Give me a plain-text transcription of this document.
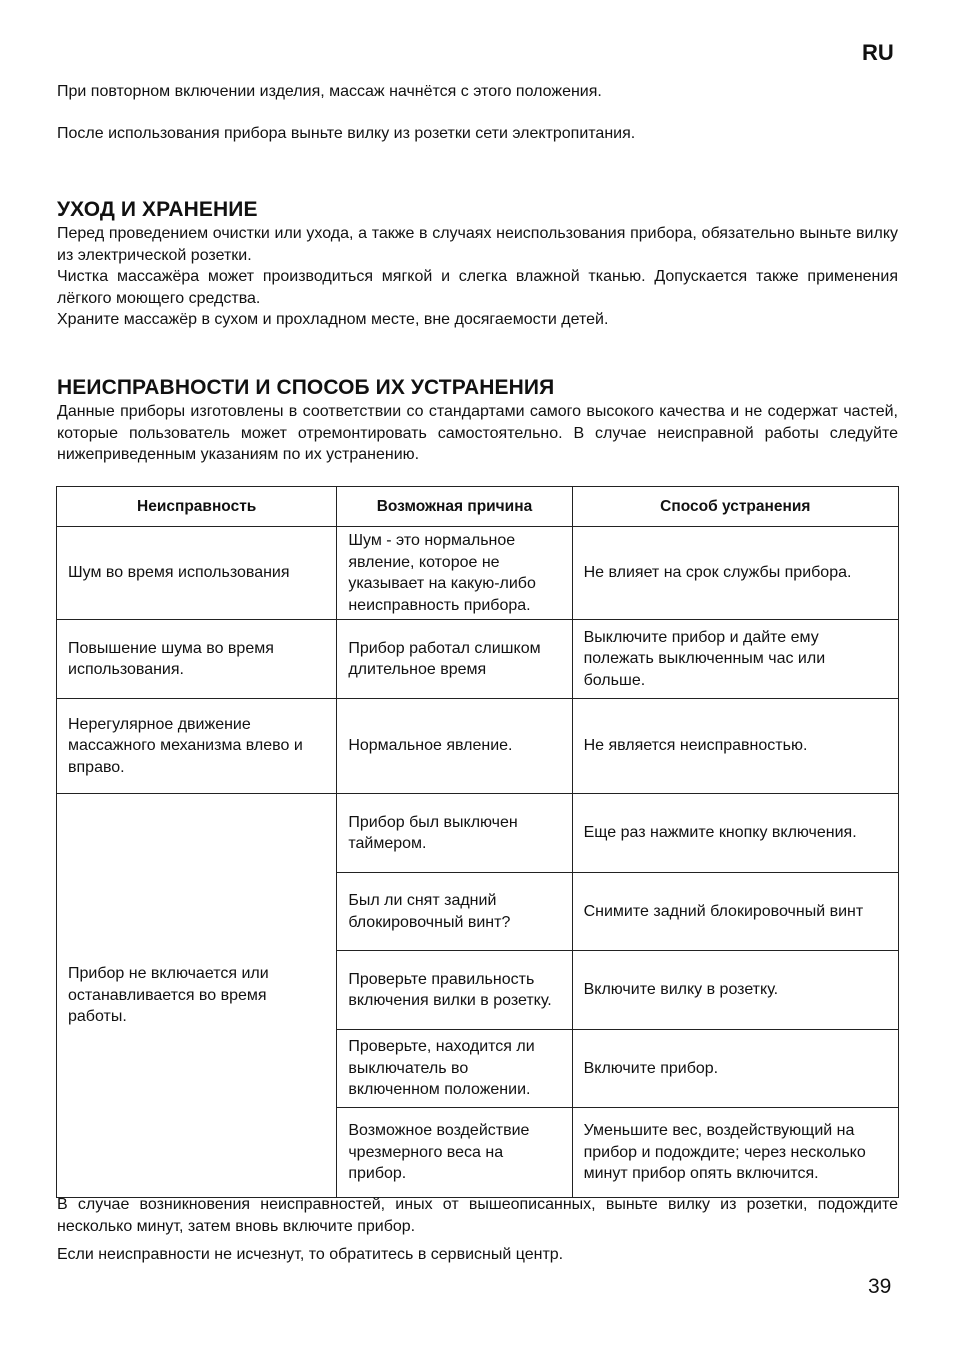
RU

При повторном включении изделия, массаж начнётся с этого положения.

После использования прибора выньте вилку из розетки сети электропитания.

УХОД И ХРАНЕНИЕ

Перед проведением очистки или ухода, а также в случаях неиспользования прибора, обязательно выньте вилку из электрической розетки.

Чистка массажёра может производиться мягкой и слегка влажной тканью. Допускается также применения лёгкого моющего средства.

Храните массажёр в сухом и прохладном месте, вне досягаемости детей.

НЕИСПРАВНОСТИ И СПОСОБ ИХ УСТРАНЕНИЯ

Данные приборы изготовлены в соответствии со стандартами самого высокого качества и не содержат частей, которые пользователь может отремонтировать самостоятельно. В случае неисправной работы следуйте нижеприведенным указаниям по их устранению.

Неисправность	Возможная причина	Способ устранения
Шум во время использования	Шум - это нормальное явление, которое не указывает на какую-либо неисправность прибора.	Не влияет на срок службы прибора.
Повышение шума во время использования.	Прибор работал слишком длительное время	Выключите прибор и дайте ему полежать выключенным час или больше.
Нерегулярное движение массажного механизма влево и вправо.	Нормальное явление.	Не является неисправностью.
Прибор не включается или останавливается во время работы.	Прибор был выключен таймером.	Еще раз нажмите кнопку включения.
	Был ли снят задний блокировочный винт?	Снимите задний блокировочный винт
	Проверьте правильность включения вилки в розетку.	Включите вилку в розетку.
	Проверьте, находится ли выключатель во включенном положении.	Включите прибор.
	Возможное воздействие чрезмерного веса на прибор.	Уменьшите вес, воздействующий на прибор и подождите; через несколько минут прибор опять включится.

В случае возникновения неисправностей, иных от вышеописанных, выньте вилку из розетки, подождите несколько минут, затем вновь включите прибор.

Если неисправности не исчезнут, то обратитесь в сервисный центр.

39
